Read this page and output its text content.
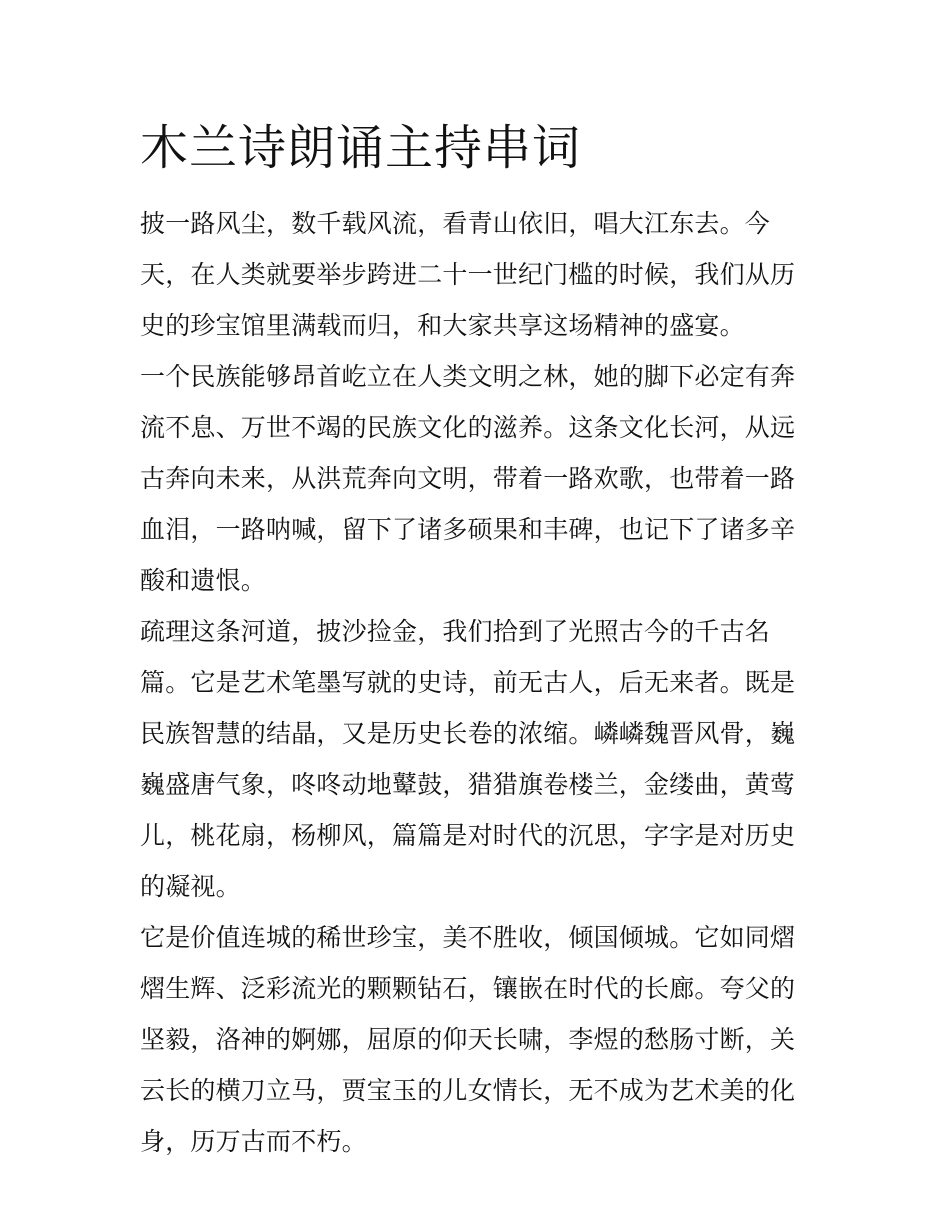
木兰诗朗诵主持串词

披一路风尘，数千载风流，看青山依旧，唱大江东去。今天，在人类就要举步跨进二十一世纪门槛的时候，我们从历史的珍宝馆里满载而归，和大家共享这场精神的盛宴。

一个民族能够昂首屹立在人类文明之林，她的脚下必定有奔流不息、万世不竭的民族文化的滋养。这条文化长河，从远古奔向未来，从洪荒奔向文明，带着一路欢歌，也带着一路血泪，一路呐喊，留下了诸多硕果和丰碑，也记下了诸多辛酸和遗恨。

疏理这条河道，披沙捡金，我们拾到了光照古今的千古名篇。它是艺术笔墨写就的史诗，前无古人，后无来者。既是民族智慧的结晶，又是历史长卷的浓缩。嶙嶙魏晋风骨，巍巍盛唐气象，咚咚动地鼙鼓，猎猎旗卷楼兰，金缕曲，黄莺儿，桃花扇，杨柳风，篇篇是对时代的沉思，字字是对历史的凝视。

它是价值连城的稀世珍宝，美不胜收，倾国倾城。它如同熠熠生辉、泛彩流光的颗颗钻石，镶嵌在时代的长廊。夸父的坚毅，洛神的婀娜，屈原的仰天长啸，李煜的愁肠寸断，关云长的横刀立马，贾宝玉的儿女情长，无不成为艺术美的化身，历万古而不朽。
